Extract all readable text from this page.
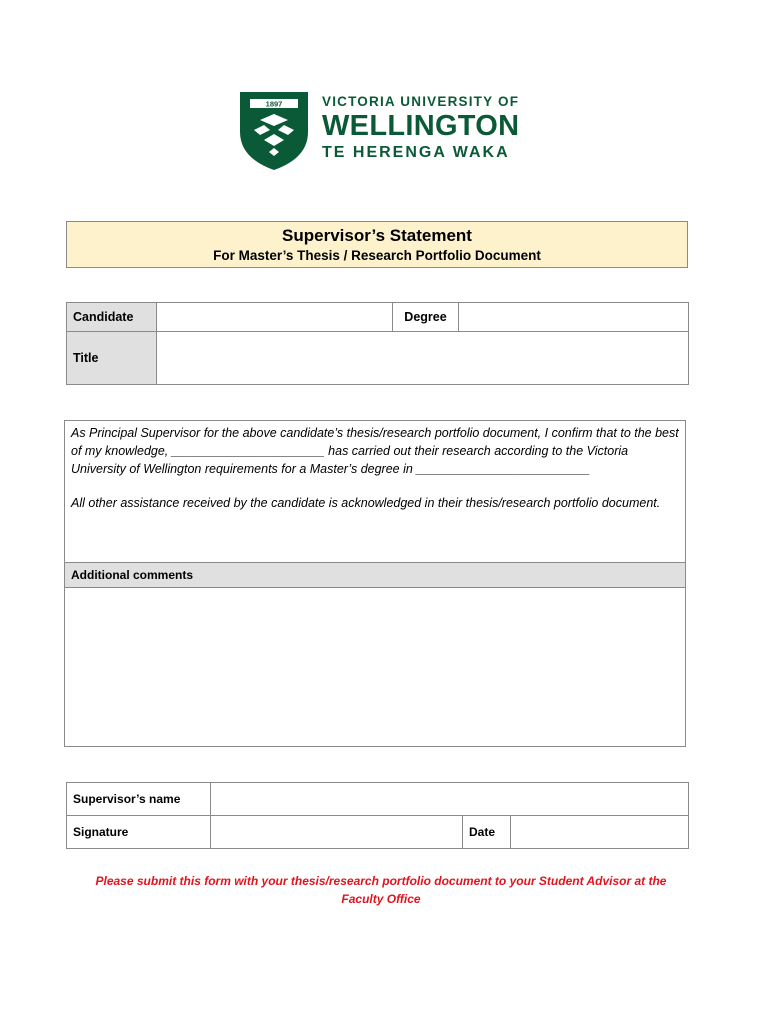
1897	VICTORIA UNIVERSITY OF
WELLINGTON
TE HERENGA WAKA
Supervisor’s Statement
For Master’s Thesis / Research Portfolio Document
Candidate		Degree	
Title			

As Principal Supervisor for the above candidate’s thesis/research portfolio document, I confirm that to the best of my knowledge, ______________________ has carried out their research according to the Victoria University of Wellington requirements for a Master’s degree in _________________________

All other assistance received by the candidate is acknowledged in their thesis/research portfolio document.

Additional comments
Supervisor’s name			
Signature		Date	
Please submit this form with your thesis/research portfolio document to your Student Advisor at the
Faculty Office
